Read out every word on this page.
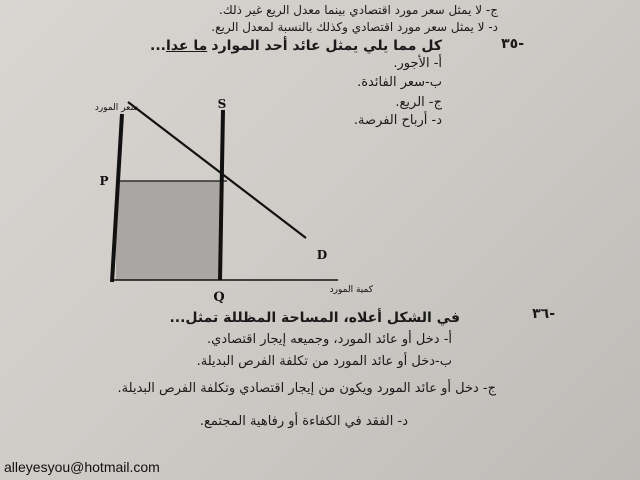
ج- لا يمثل سعر مورد اقتصادي بينما معدل الريع غير ذلك.
د- لا يمثل سعر مورد اقتصادي وكذلك بالنسبة لمعدل الريع.
-٣٥
كل مما يلي يمثل عائد أحد الموارد ما عدا...
أ- الأجور.
ب-سعر الفائدة.
ج- الريع.
د- أرباح الفرصة.
سعر المورد	S
P
D
Q	كمية المورد
-٣٦
في الشكل أعلاه، المساحة المظللة تمثل...
أ- دخل أو عائد المورد، وجميعه إيجار اقتصادي.
ب-دخل أو عائد المورد من تكلفة الفرص البديلة.
ج- دخل أو عائد المورد ويكون من إيجار اقتصادي وتكلفة الفرص البديلة.
د- الفقد في الكفاءة أو رفاهية المجتمع.
alleyesyou@hotmail.com
